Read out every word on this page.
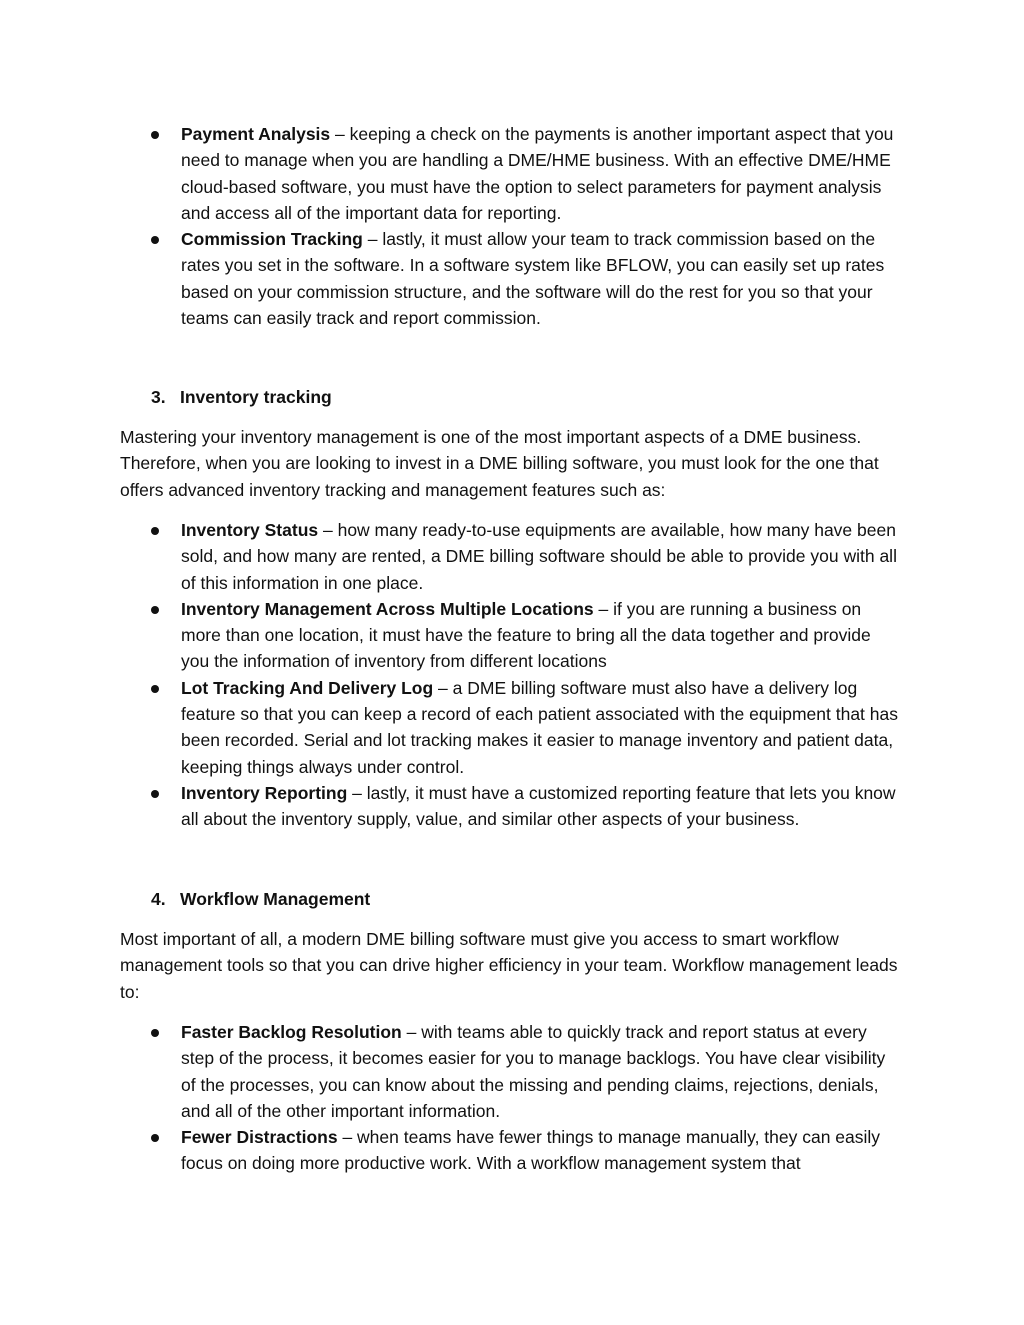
Payment Analysis – keeping a check on the payments is another important aspect that you need to manage when you are handling a DME/HME business. With an effective DME/HME cloud-based software, you must have the option to select parameters for payment analysis and access all of the important data for reporting.
Commission Tracking – lastly, it must allow your team to track commission based on the rates you set in the software. In a software system like BFLOW, you can easily set up rates based on your commission structure, and the software will do the rest for you so that your teams can easily track and report commission.
3. Inventory tracking

Mastering your inventory management is one of the most important aspects of a DME business. Therefore, when you are looking to invest in a DME billing software, you must look for the one that offers advanced inventory tracking and management features such as:

Inventory Status – how many ready-to-use equipments are available, how many have been sold, and how many are rented, a DME billing software should be able to provide you with all of this information in one place.
Inventory Management Across Multiple Locations – if you are running a business on more than one location, it must have the feature to bring all the data together and provide you the information of inventory from different locations
Lot Tracking And Delivery Log – a DME billing software must also have a delivery log feature so that you can keep a record of each patient associated with the equipment that has been recorded. Serial and lot tracking makes it easier to manage inventory and patient data, keeping things always under control.
Inventory Reporting – lastly, it must have a customized reporting feature that lets you know all about the inventory supply, value, and similar other aspects of your business.
4. Workflow Management

Most important of all, a modern DME billing software must give you access to smart workflow management tools so that you can drive higher efficiency in your team. Workflow management leads to:

Faster Backlog Resolution – with teams able to quickly track and report status at every step of the process, it becomes easier for you to manage backlogs. You have clear visibility of the processes, you can know about the missing and pending claims, rejections, denials, and all of the other important information.
Fewer Distractions – when teams have fewer things to manage manually, they can easily focus on doing more productive work. With a workflow management system that
